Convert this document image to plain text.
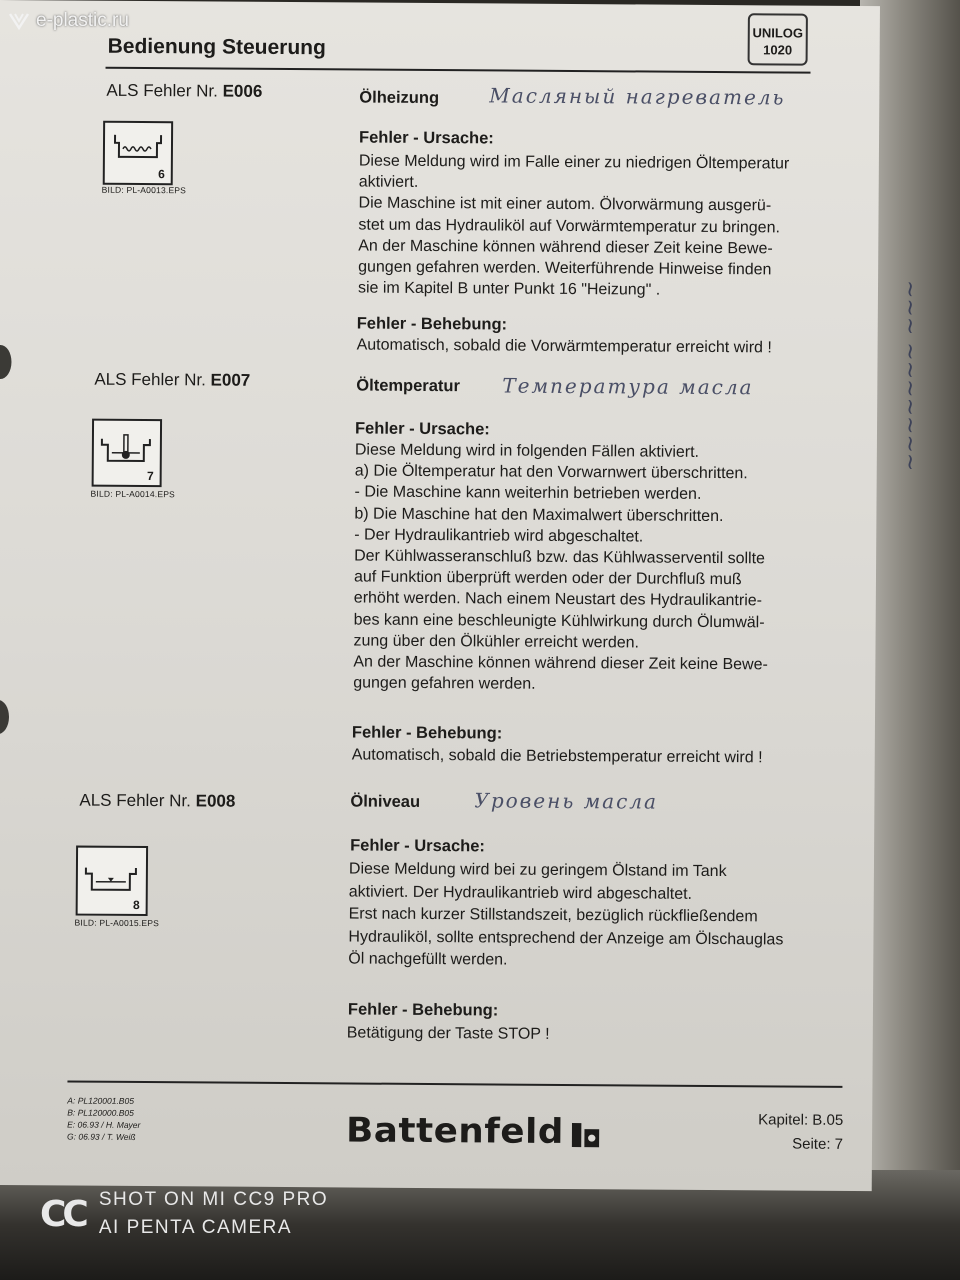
Bedienung Steuerung
UNILOG
1020
ALS Fehler Nr. E006	Ölheizung	Масляный нагреватель
6
BILD: PL-A0013.EPS
Fehler - Ursache:
Diese Meldung wird im Falle einer zu niedrigen Öltemperatur
aktiviert.
Die Maschine ist mit einer autom. Ölvorwärmung ausgerü-
stet um das Hydrauliköl auf Vorwärmtemperatur zu bringen.
An der Maschine können während dieser Zeit keine Bewe-
gungen gefahren werden. Weiterführende Hinweise finden
sie im Kapitel B unter Punkt 16 "Heizung" .
Fehler - Behebung:
Automatisch, sobald die Vorwärmtemperatur erreicht wird !
ALS Fehler Nr. E007	Öltemperatur Температура масла
7
BILD: PL-A0014.EPS
Fehler - Ursache:
Diese Meldung wird in folgenden Fällen aktiviert.
a) Die Öltemperatur hat den Vorwarnwert überschritten.
- Die Maschine kann weiterhin betrieben werden.
b) Die Maschine hat den Maximalwert überschritten.
- Der Hydraulikantrieb wird abgeschaltet.
Der Kühlwasseranschluß bzw. das Kühlwasserventil sollte
auf Funktion überprüft werden oder der Durchfluß muß
erhöht werden. Nach einem Neustart des Hydraulikantrie-
bes kann eine beschleunigte Kühlwirkung durch Ölumwäl-
zung über den Ölkühler erreicht werden.
An der Maschine können während dieser Zeit keine Bewe-
gungen gefahren werden.
Fehler - Behebung:
Automatisch, sobald die Betriebstemperatur erreicht wird !
ALS Fehler Nr. E008	Ölniveau	Уровень масла
8
BILD: PL-A0015.EPS
Fehler - Ursache:
Diese Meldung wird bei zu geringem Ölstand im Tank
aktiviert. Der Hydraulikantrieb wird abgeschaltet.
Erst nach kurzer Stillstandszeit, bezüglich rückfließendem
Hydrauliköl, sollte entsprechend der Anzeige am Ölschauglas
Öl nachgefüllt werden.
Fehler - Behebung:
Betätigung der Taste STOP !
A: PL120001.B05
B: PL120000.B05
E: 06.93 / H. Mayer
G: 06.93 / T. Weiß	Battenfeld	Kapitel: B.05
Seite: 7
~~~ ~~~~~~~
e-plastic.ru
CC SHOT ON MI CC9 PRO
AI PENTA CAMERA
